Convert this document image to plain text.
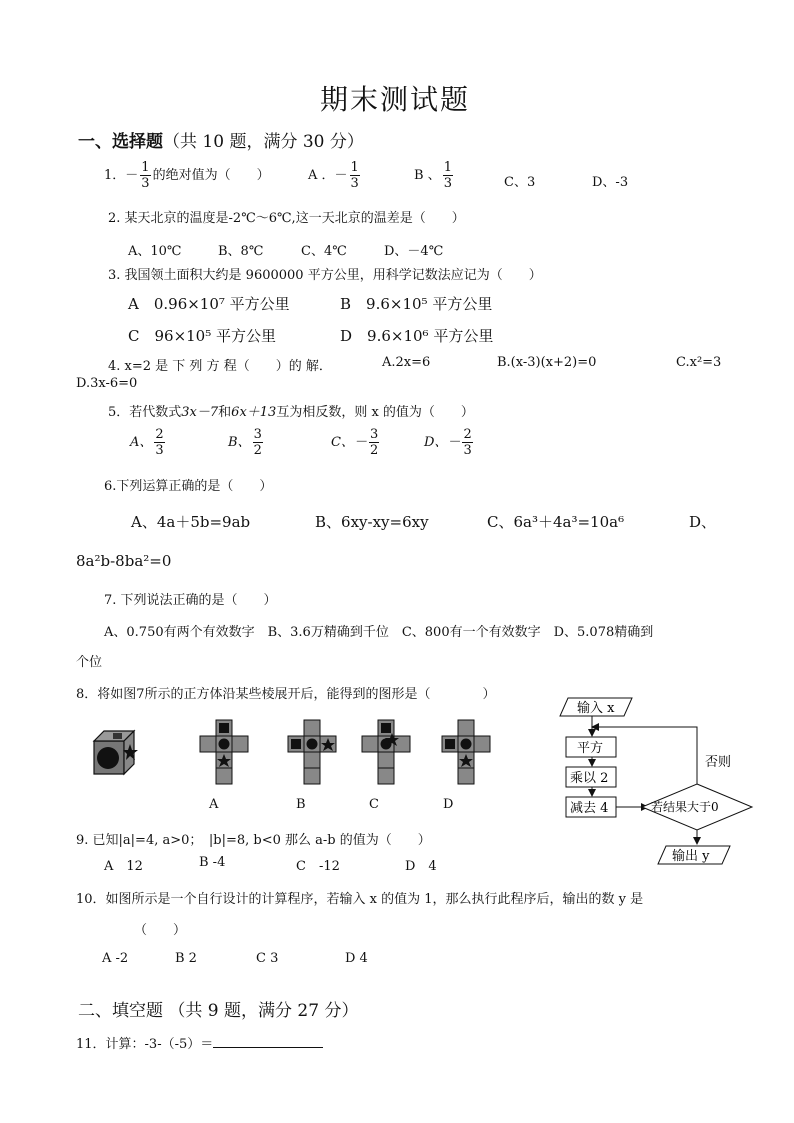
期末测试题
一、选择题（共 10 题，满分 30 分）
1．－ $\frac{1}{3}$ 的绝对值为（　　）	A ．－ $\frac{1}{3}$	B 、 $\frac{1}{3}$	C、3	D、-3
2. 某天北京的温度是-2℃～6℃,这一天北京的温差是（　　）
A、10℃	B、8℃	C、4℃	D、－4℃
3. 我国领土面积大约是 9600000 平方公里，用科学记数法应记为（　　）
A　0.96×10⁷ 平方公里	B　9.6×10⁵ 平方公里
C　96×10⁵ 平方公里	D　9.6×10⁶ 平方公里
4. x=2 是 下 列 方 程（　　）的 解．	A.2x=6	B.(x-3)(x+2)=0	C.x²=3
D.3x-6=0
5．若代数式3x－7和6x＋13互为相反数，则 x 的值为（　　）
A、 $\frac{2}{3}$	B、 $\frac{3}{2}$	C、－ $\frac{3}{2}$	D、－ $\frac{2}{3}$
6.下列运算正确的是（　　）
A、4a＋5b=9ab	B、6xy-xy=6xy	C、6a³＋4a³=10a⁶	D、
8a²b-8ba²=0
7. 下列说法正确的是（　　）
A、0.750有两个有效数字　B、3.6万精确到千位　C、800有一个有效数字　D、5.078精确到
个位
8．将如图7所示的正方体沿某些棱展开后，能得到的图形是（　　　　）
A	B	C	D
输入 x
平方
乘以 2
减去 4	若结果大于0
否则
输出 y
9. 已知|a|=4, a>0；　|b|=8, b<0 那么 a-b 的值为（　　）
A　12	B -4	C　-12	D　4
10．如图所示是一个自行设计的计算程序，若输入 x 的值为 1，那么执行此程序后，输出的数 y 是
（　　）
A -2	B 2	C 3	D 4
二、填空题 （共 9 题，满分 27 分）
11．计算：-3-（-5）＝
